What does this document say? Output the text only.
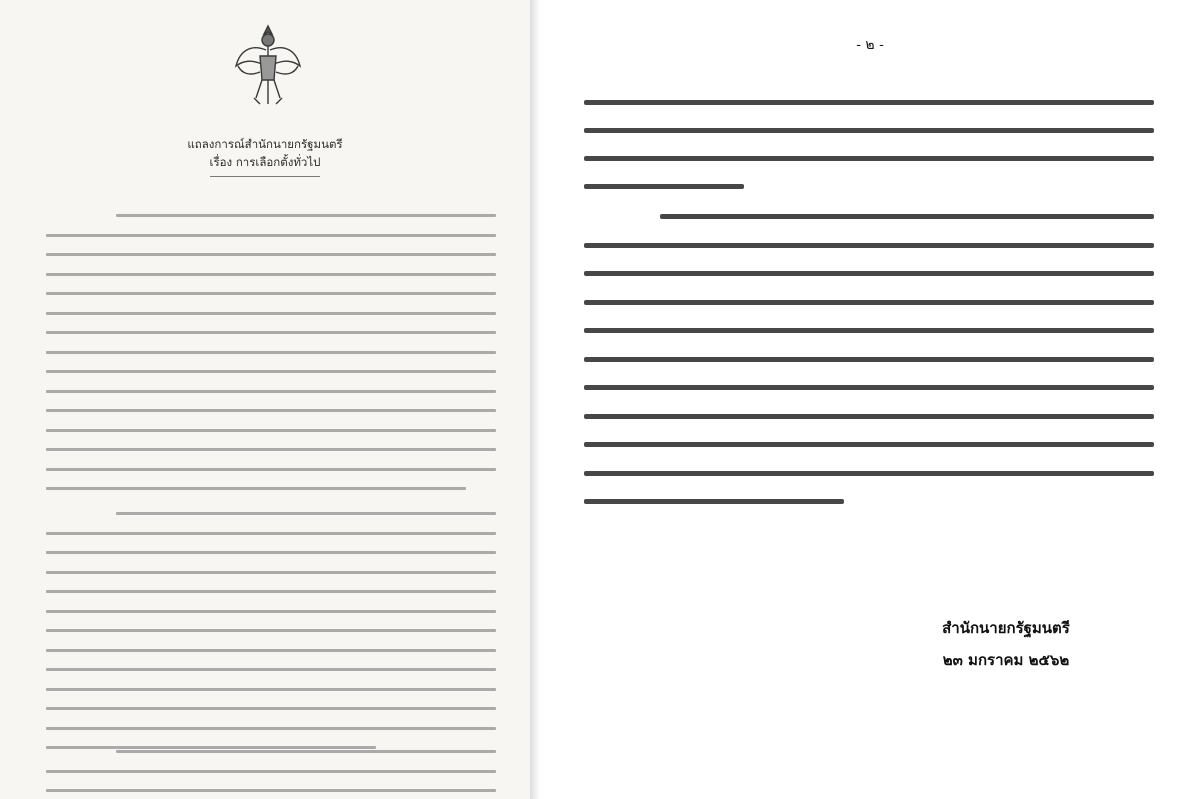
แถลงการณ์สำนักนายกรัฐมนตรี
เรื่อง การเลือกตั้งทั่วไป
- ๒ -
สำนักนายกรัฐมนตรี
๒๓ มกราคม ๒๕๖๒
